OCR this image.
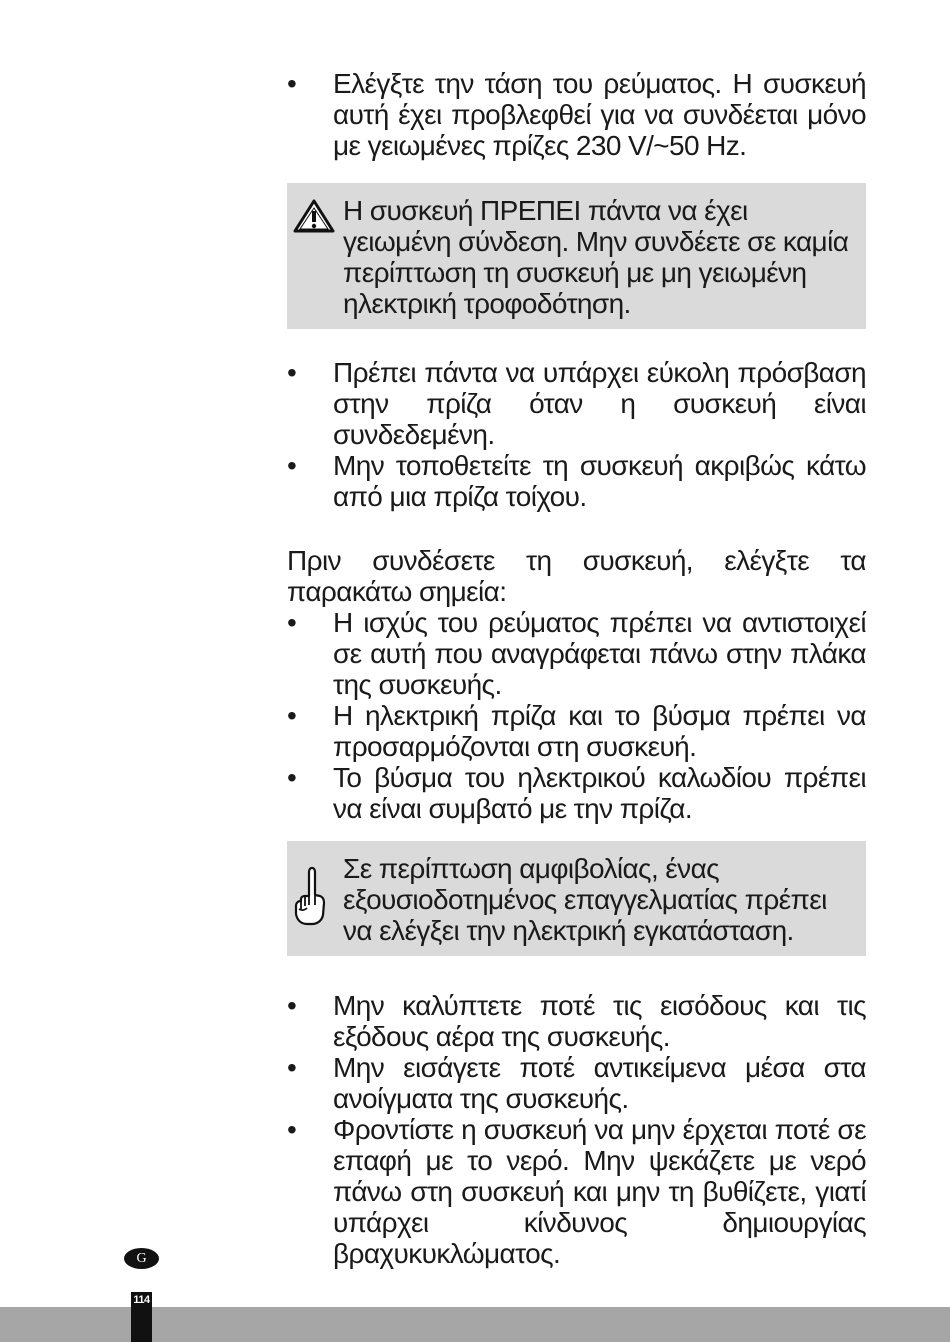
•	Ελέγξτε την τάση του ρεύματος. Η συσκευή αυτή έχει προβλεφθεί για να συνδέεται μόνο με γειωμένες πρίζες 230 V/~50 Hz.
Η συσκευή ΠΡΕΠΕΙ πάντα να έχει γειωμένη σύνδεση. Μην συνδέετε σε καμία περίπτωση τη συσκευή με μη γειωμένη ηλεκτρική τροφοδότηση.
•	Πρέπει πάντα να υπάρχει εύκολη πρόσβαση στην πρίζα όταν η συσκευή είναι συνδεδεμένη.
•	Μην τοποθετείτε τη συσκευή ακριβώς κάτω από μια πρίζα τοίχου.

Πριν συνδέσετε τη συσκευή, ελέγξτε τα παρακάτω σημεία:

•	Η ισχύς του ρεύματος πρέπει να αντιστοιχεί σε αυτή που αναγράφεται πάνω στην πλάκα της συσκευής.
•	Η ηλεκτρική πρίζα και το βύσμα πρέπει να προσαρμόζονται στη συσκευή.
•	Το βύσμα του ηλεκτρικού καλωδίου πρέπει να είναι συμβατό με την πρίζα.
Σε περίπτωση αμφιβολίας, ένας εξουσιοδοτημένος επαγγελματίας πρέπει να ελέγξει την ηλεκτρική εγκατάσταση.
•	Μην καλύπτετε ποτέ τις εισόδους και τις εξόδους αέρα της συσκευής.
•	Μην εισάγετε ποτέ αντικείμενα μέσα στα ανοίγματα της συσκευής.
•	Φροντίστε η συσκευή να μην έρχεται ποτέ σε επαφή με το νερό. Μην ψεκάζετε με νερό πάνω στη συσκευή και μην τη βυθίζετε, γιατί υπάρχει κίνδυνος δημιουργίας βραχυκυκλώματος.
G
114
